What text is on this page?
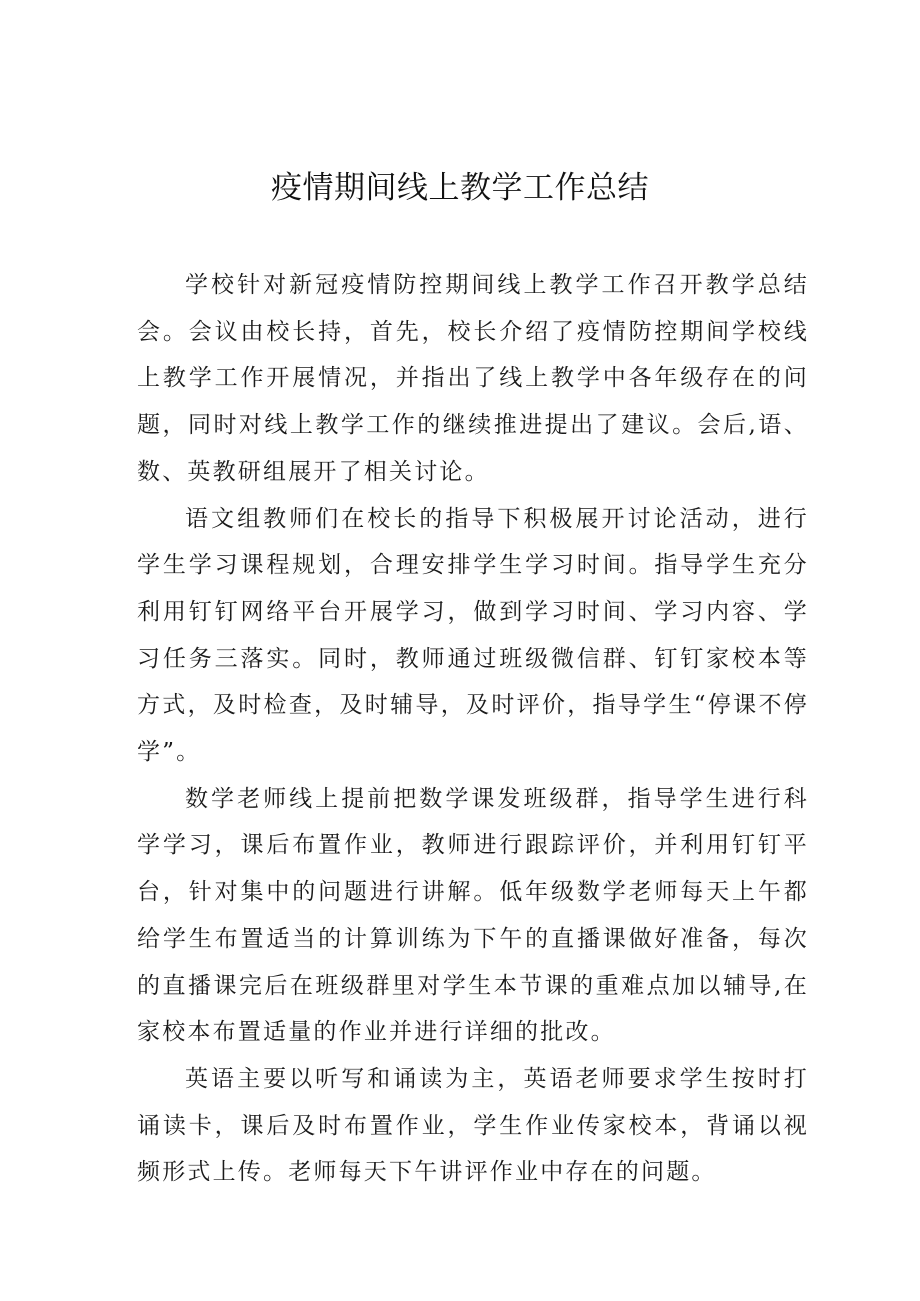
疫情期间线上教学工作总结

学校针对新冠疫情防控期间线上教学工作召开教学总结会。会议由校长持，首先，校长介绍了疫情防控期间学校线上教学工作开展情况，并指出了线上教学中各年级存在的问题，同时对线上教学工作的继续推进提出了建议。会后,语、数、英教研组展开了相关讨论。

语文组教师们在校长的指导下积极展开讨论活动，进行学生学习课程规划，合理安排学生学习时间。指导学生充分利用钉钉网络平台开展学习，做到学习时间、学习内容、学习任务三落实。同时，教师通过班级微信群、钉钉家校本等方式，及时检查，及时辅导，及时评价，指导学生“停课不停学”。

数学老师线上提前把数学课发班级群，指导学生进行科学学习，课后布置作业，教师进行跟踪评价，并利用钉钉平台，针对集中的问题进行讲解。低年级数学老师每天上午都给学生布置适当的计算训练为下午的直播课做好准备，每次的直播课完后在班级群里对学生本节课的重难点加以辅导,在家校本布置适量的作业并进行详细的批改。

英语主要以听写和诵读为主，英语老师要求学生按时打诵读卡，课后及时布置作业，学生作业传家校本，背诵以视频形式上传。老师每天下午讲评作业中存在的问题。
